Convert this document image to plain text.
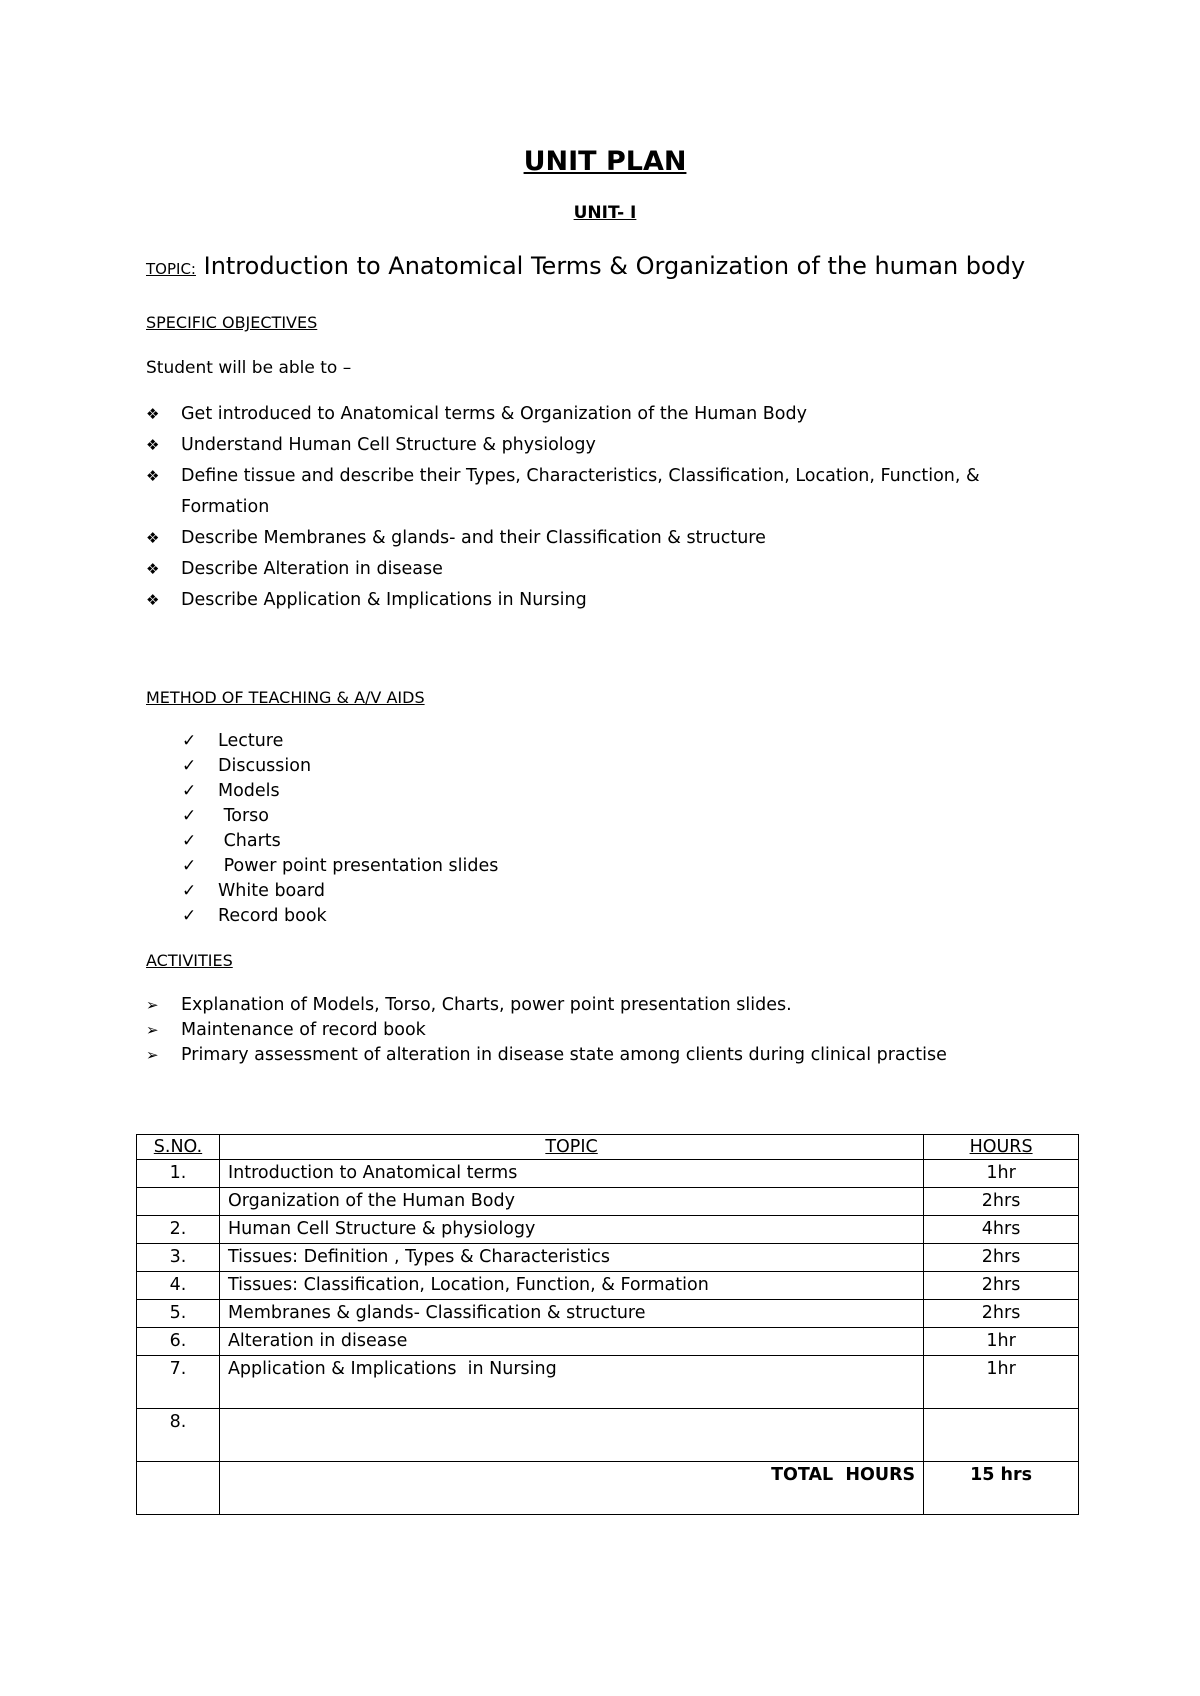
UNIT PLAN
UNIT- I
TOPIC: Introduction to Anatomical Terms & Organization of the human body
SPECIFIC OBJECTIVES
Student will be able to –
❖ Get introduced to Anatomical terms & Organization of the Human Body
❖ Understand Human Cell Structure & physiology
❖ Define tissue and describe their Types, Characteristics, Classification, Location, Function, &
Formation
❖ Describe Membranes & glands- and their Classification & structure
❖ Describe Alteration in disease
❖ Describe Application & Implications in Nursing
METHOD OF TEACHING & A/V AIDS
✓ Lecture
✓ Discussion
✓ Models
✓ Torso
✓ Charts
✓ Power point presentation slides
✓ White board
✓ Record book
ACTIVITIES
➢ Explanation of Models, Torso, Charts, power point presentation slides.
➢ Maintenance of record book
➢ Primary assessment of alteration in disease state among clients during clinical practise
S.NO.	TOPIC	HOURS
1.	Introduction to Anatomical terms	1hr
	Organization of the Human Body	2hrs
2.	Human Cell Structure & physiology	4hrs
3.	Tissues: Definition , Types & Characteristics	2hrs
4.	Tissues: Classification, Location, Function, & Formation	2hrs
5.	Membranes & glands- Classification & structure	2hrs
6.	Alteration in disease	1hr
7.	Application & Implications  in Nursing	1hr
8.		
	TOTAL  HOURS	15 hrs
